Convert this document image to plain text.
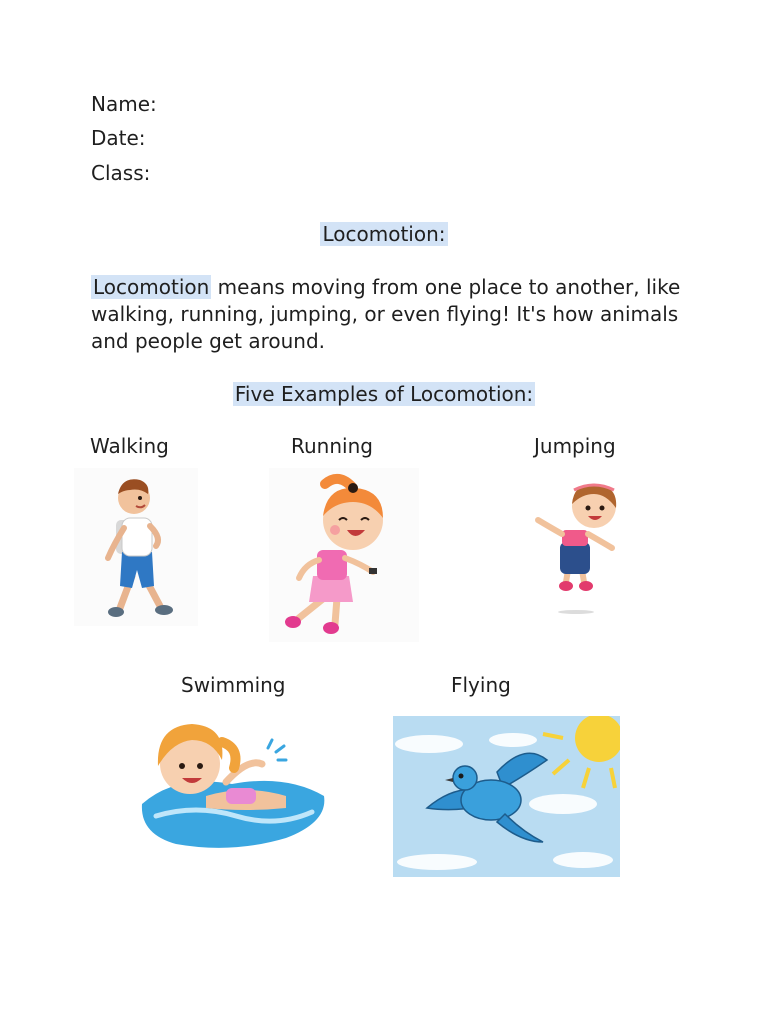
Name:
Date:
Class:
Locomotion:
Locomotion means moving from one place to another, like walking, running, jumping, or even flying! It's how animals and people get around.
Five Examples of Locomotion:
Walking	Running	Jumping
Swimming	Flying
